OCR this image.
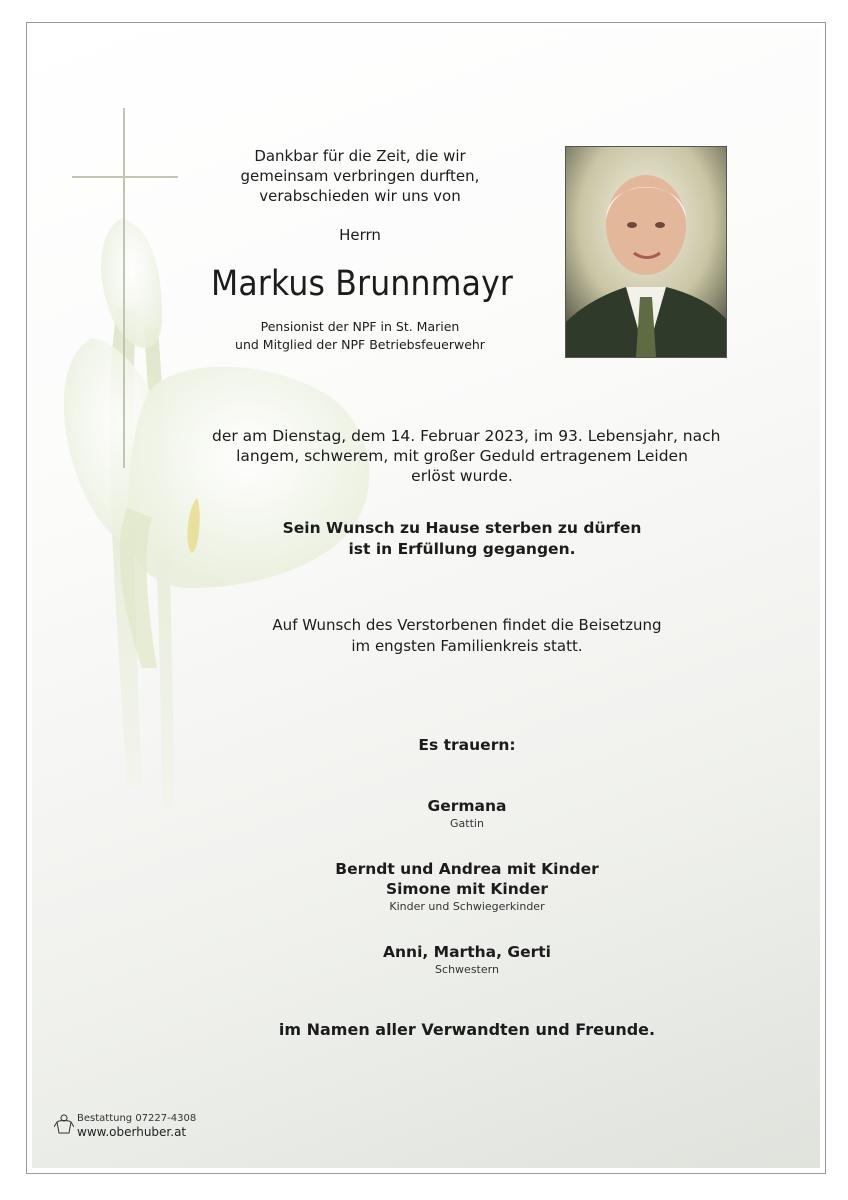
Dankbar für die Zeit, die wir
gemeinsam verbringen durften,
verabschieden wir uns von
Herrn
Markus Brunnmayr
Pensionist der NPF in St. Marien
und Mitglied der NPF Betriebsfeuerwehr
der am Dienstag, dem 14. Februar 2023, im 93. Lebensjahr, nach
langem, schwerem, mit großer Geduld ertragenem Leiden
erlöst wurde.
Sein Wunsch zu Hause sterben zu dürfen
ist in Erfüllung gegangen.
Auf Wunsch des Verstorbenen findet die Beisetzung
im engsten Familienkreis statt.
Es trauern:
Germana
Gattin
Berndt und Andrea mit Kinder
Simone mit Kinder
Kinder und Schwiegerkinder
Anni, Martha, Gerti
Schwestern
im Namen aller Verwandten und Freunde.
Bestattung 07227-4308
www.oberhuber.at
